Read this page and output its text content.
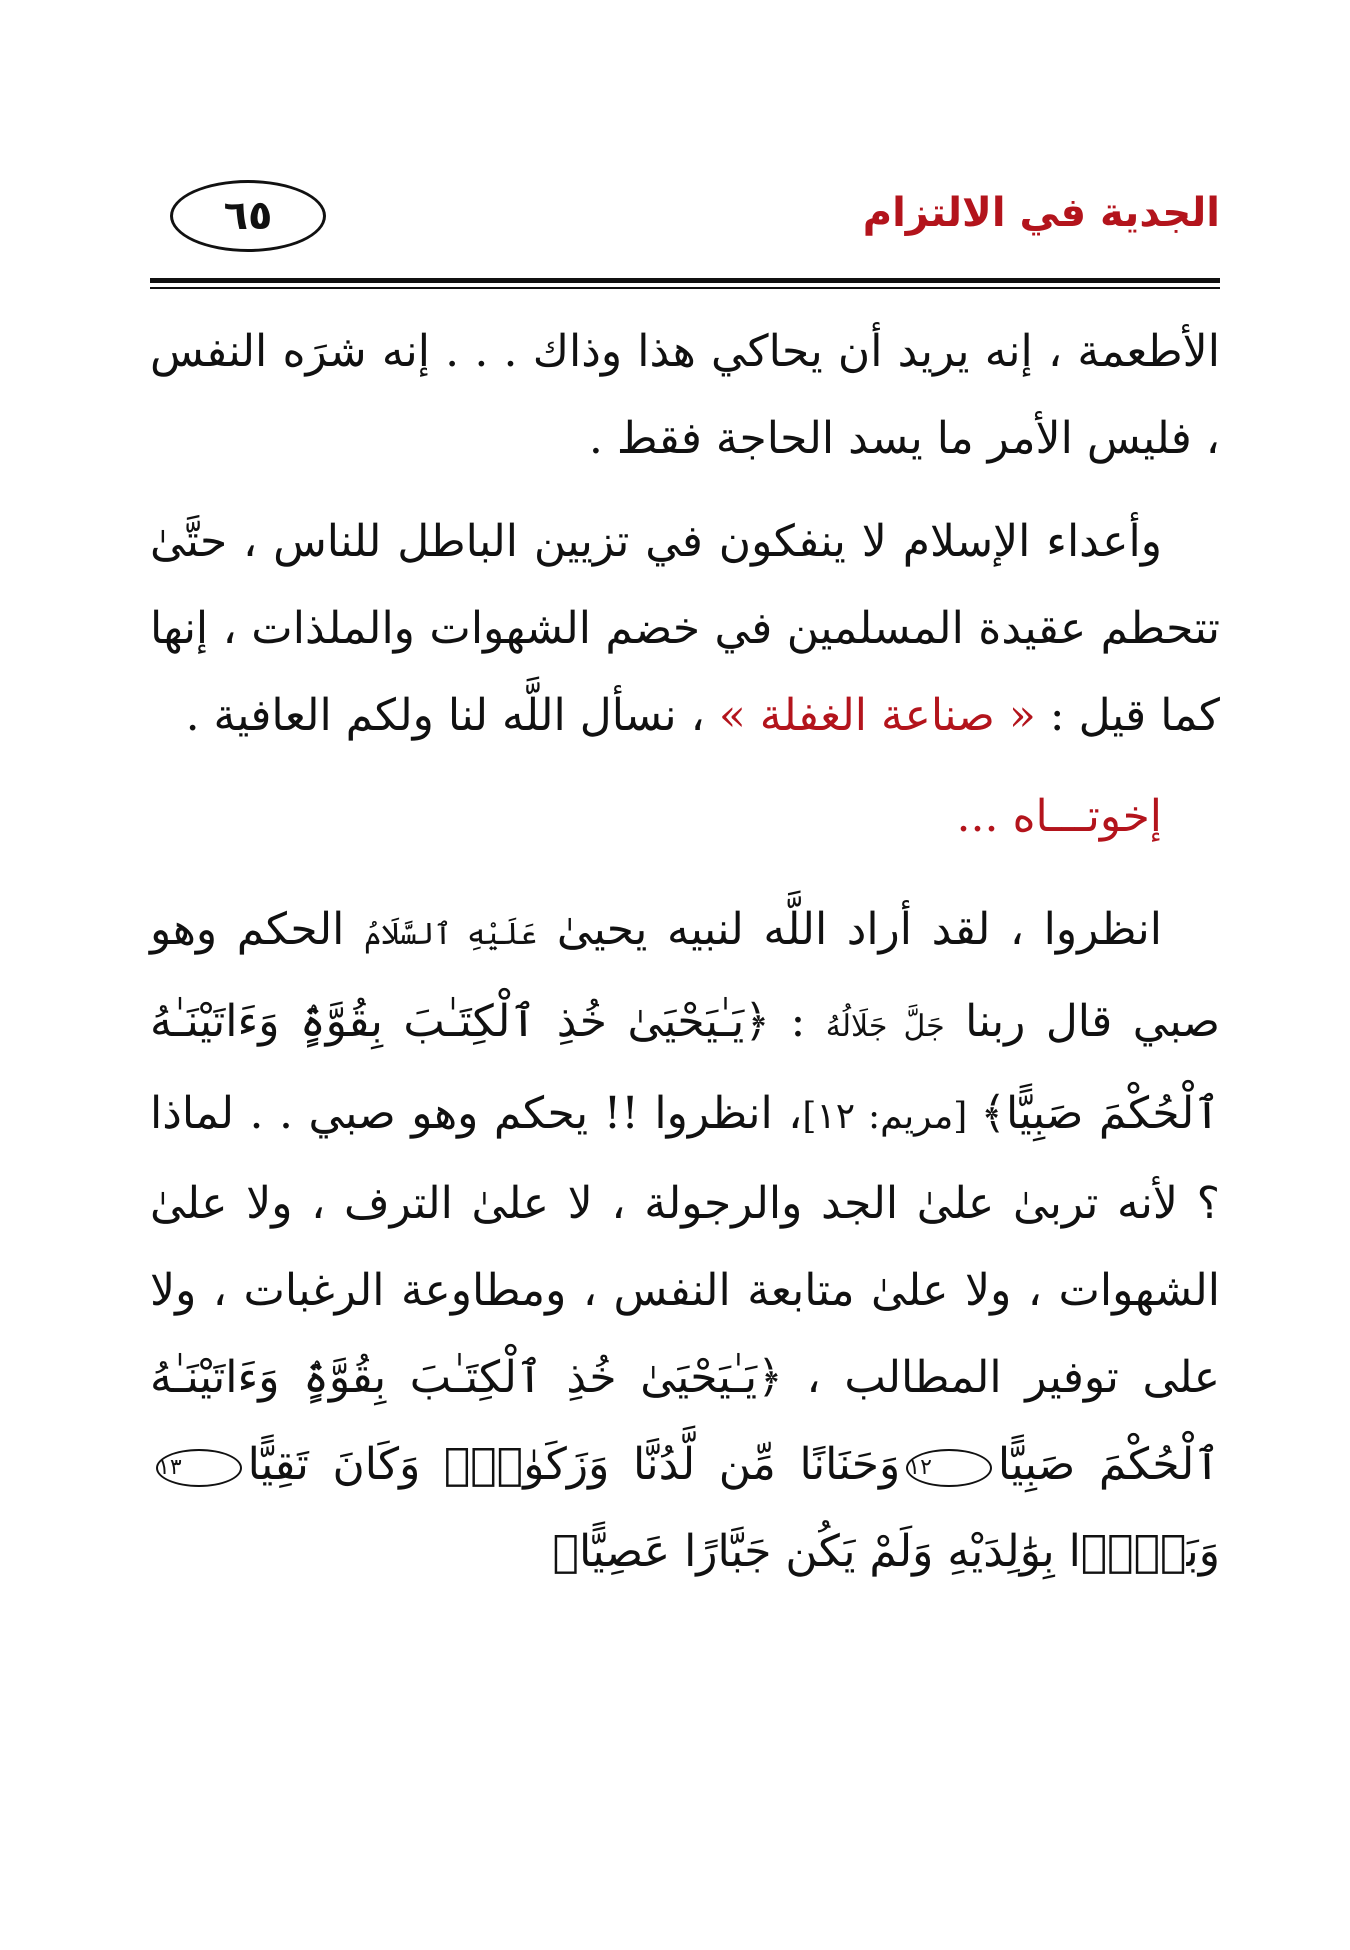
الجدية في الالتزام
٦٥

الأطعمة ، إنه يريد أن يحاكي هذا وذاك . . . إنه شرَه النفس ، فليس الأمر ما يسد الحاجة فقط .

وأعداء الإسلام لا ينفكون في تزيين الباطل للناس ، حتَّىٰ تتحطم عقيدة المسلمين في خضم الشهوات والملذات ، إنها كما قيل : « صناعة الغفلة » ، نسأل اللَّه لنا ولكم العافية .

إخوتـــاه ...

انظروا ، لقد أراد اللَّه لنبيه يحيىٰ عَلَيْهِ ٱلسَّلَامُ الحكم وهو صبي قال ربنا جَلَّ جَلَالُهُ : ﴿يَـٰيَحْيَىٰ خُذِ ٱلْكِتَـٰبَ بِقُوَّةٍۢ وَءَاتَيْنَـٰهُ ٱلْحُكْمَ صَبِيًّا﴾ [مريم: ١٢]، انظروا !! يحكم وهو صبي . . لماذا ؟ لأنه تربىٰ علىٰ الجد والرجولة ، لا علىٰ الترف ، ولا علىٰ الشهوات ، ولا علىٰ متابعة النفس ، ومطاوعة الرغبات ، ولا على توفير المطالب ، ﴿يَـٰيَحْيَىٰ خُذِ ٱلْكِتَـٰبَ بِقُوَّةٍۢ وَءَاتَيْنَـٰهُ ٱلْحُكْمَ صَبِيًّا١٢وَحَنَانًا مِّن لَّدُنَّا وَزَكَوٰةًۭ وَكَانَ تَقِيًّا١٣وَبَرًّۢا بِوَٰلِدَيْهِ وَلَمْ يَكُن جَبَّارًا عَصِيًّا﴾
